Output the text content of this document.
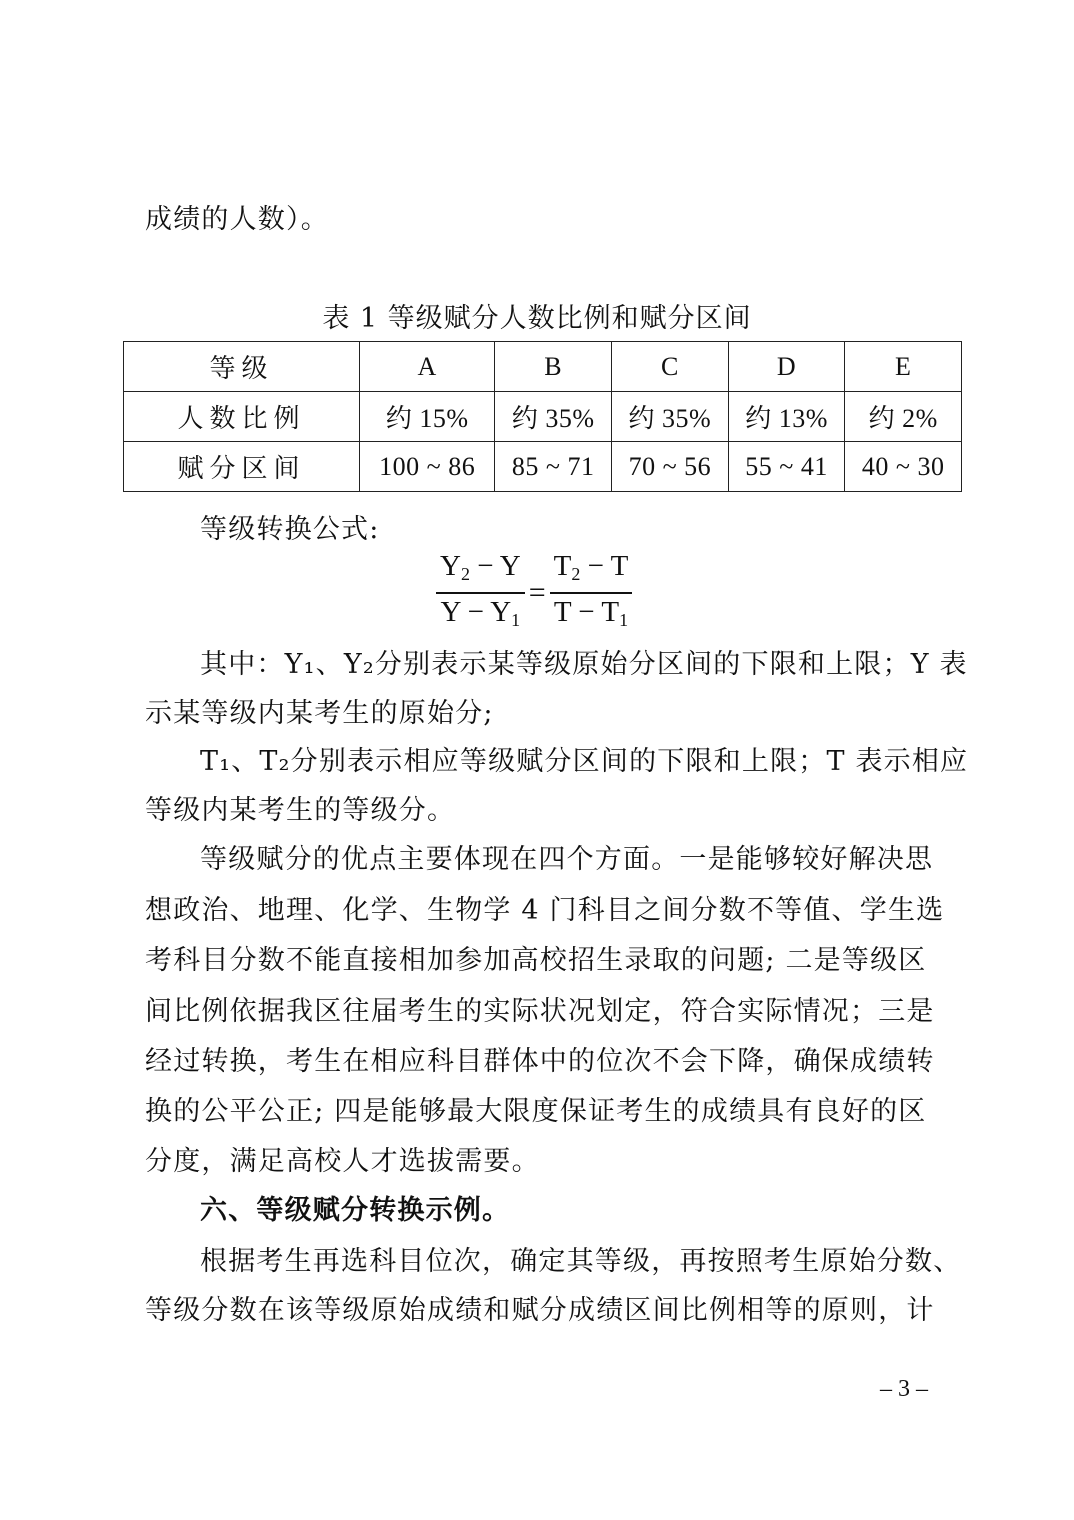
成绩的人数）。
表 1 等级赋分人数比例和赋分区间
等级	A	B	C	D	E
人数比例	约 15%	约 35%	约 35%	约 13%	约 2%
赋分区间	100 ~ 86	85 ~ 71	70 ~ 56	55 ~ 41	40 ~ 30
等级转换公式:
$\frac{Y_2 - Y}{Y - Y_1} = \frac{T_2 - T}{T - T_1}$
其中：Y₁、Y₂分别表示某等级原始分区间的下限和上限；Y 表
示某等级内某考生的原始分;
T₁、T₂分别表示相应等级赋分区间的下限和上限；T 表示相应
等级内某考生的等级分。
等级赋分的优点主要体现在四个方面。一是能够较好解决思
想政治、地理、化学、生物学 4 门科目之间分数不等值、学生选
考科目分数不能直接相加参加高校招生录取的问题; 二是等级区
间比例依据我区往届考生的实际状况划定，符合实际情况；三是
经过转换，考生在相应科目群体中的位次不会下降，确保成绩转
换的公平公正; 四是能够最大限度保证考生的成绩具有良好的区
分度，满足高校人才选拔需要。
六、等级赋分转换示例。
根据考生再选科目位次，确定其等级，再按照考生原始分数、
等级分数在该等级原始成绩和赋分成绩区间比例相等的原则，计
– 3 –
